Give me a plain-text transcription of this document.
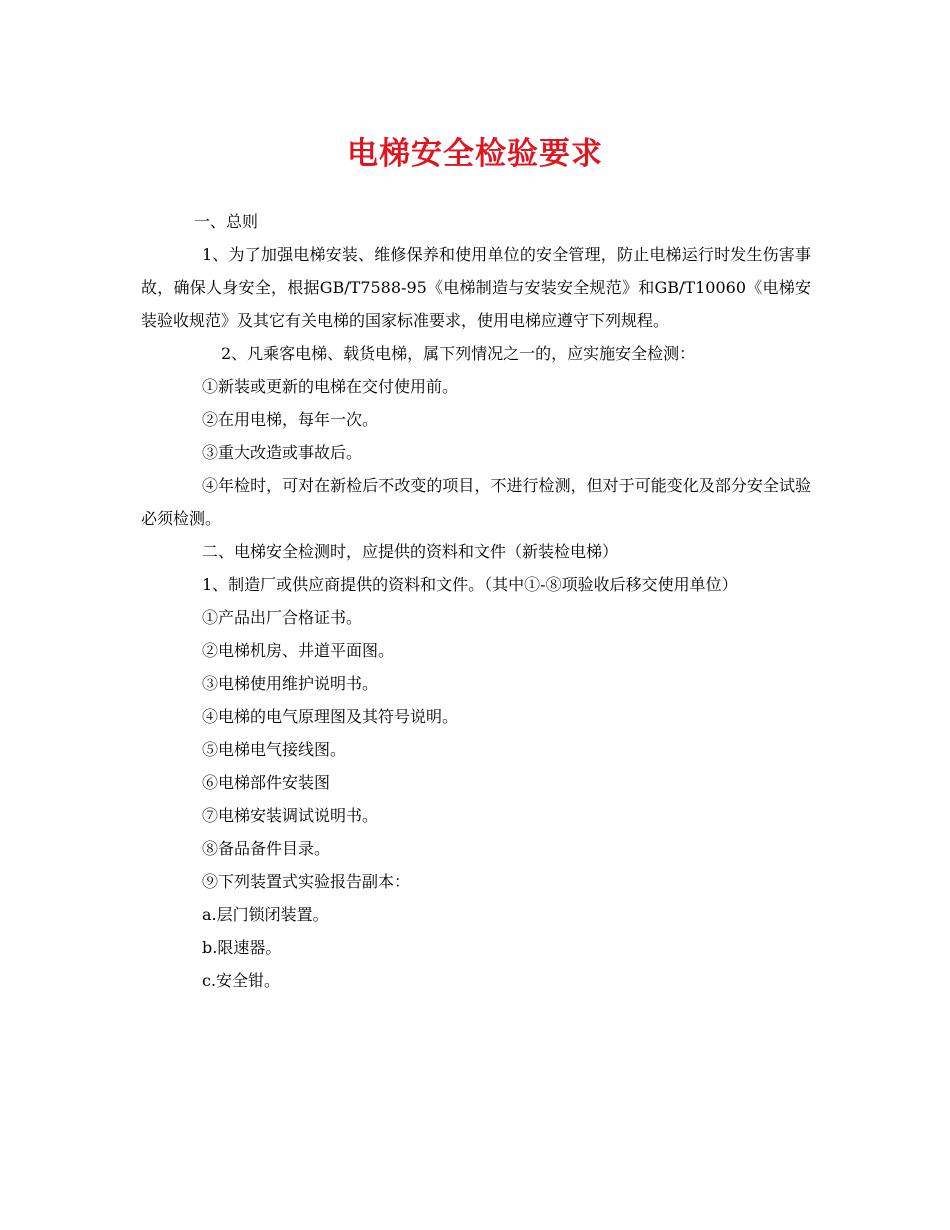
电梯安全检验要求

一、总则

1、为了加强电梯安装、维修保养和使用单位的安全管理，防止电梯运行时发生伤害事故，确保人身安全，根据GB/T7588-95《电梯制造与安装安全规范》和GB/T10060《电梯安装验收规范》及其它有关电梯的国家标准要求，使用电梯应遵守下列规程。

2、凡乘客电梯、载货电梯，属下列情况之一的，应实施安全检测：

①新装或更新的电梯在交付使用前。

②在用电梯，每年一次。

③重大改造或事故后。

④年检时，可对在新检后不改变的项目，不进行检测，但对于可能变化及部分安全试验必须检测。

二、电梯安全检测时，应提供的资料和文件（新装检电梯）

1、制造厂或供应商提供的资料和文件。（其中①-⑧项验收后移交使用单位）

①产品出厂合格证书。

②电梯机房、井道平面图。

③电梯使用维护说明书。

④电梯的电气原理图及其符号说明。

⑤电梯电气接线图。

⑥电梯部件安装图

⑦电梯安装调试说明书。

⑧备品备件目录。

⑨下列装置式实验报告副本：

a.层门锁闭装置。

b.限速器。

c.安全钳。
